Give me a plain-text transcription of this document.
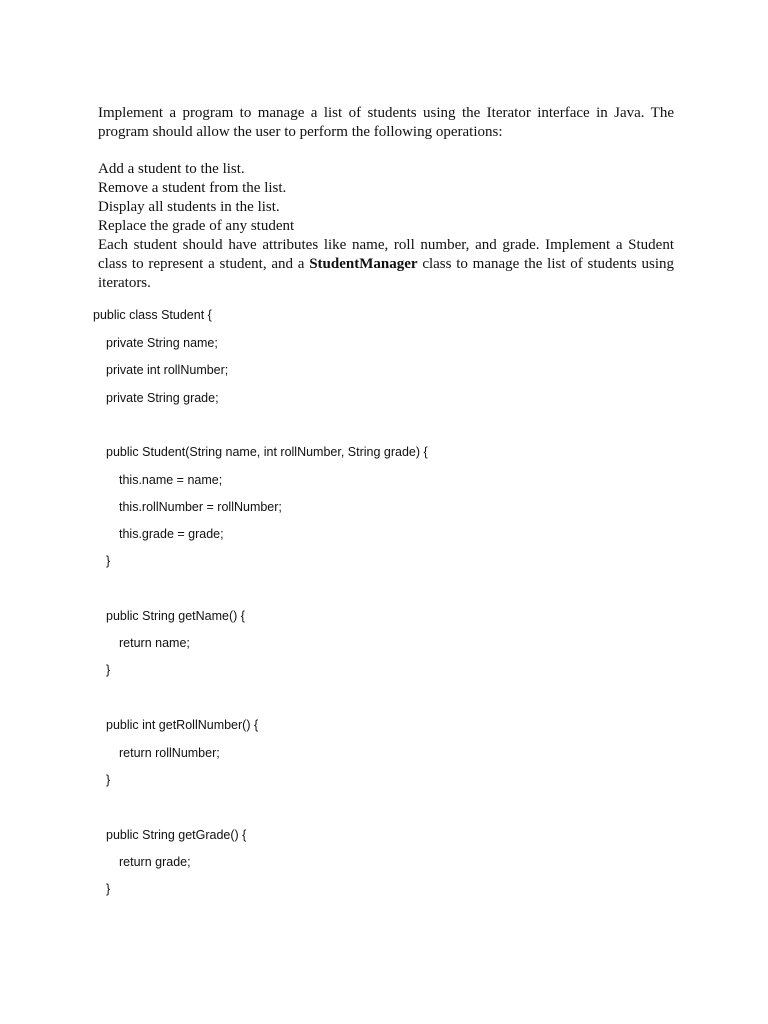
Implement a program to manage a list of students using the Iterator interface in Java. The program should allow the user to perform the following operations:

Add a student to the list.
Remove a student from the list.
Display all students in the list.
Replace the grade of any student

Each student should have attributes like name, roll number, and grade. Implement a Student class to represent a student, and a StudentManager class to manage the list of students using iterators.

public class Student {
private String name;
private int rollNumber;
private String grade;
public Student(String name, int rollNumber, String grade) {
this.name = name;
this.rollNumber = rollNumber;
this.grade = grade;
}
public String getName() {
return name;
}
public int getRollNumber() {
return rollNumber;
}
public String getGrade() {
return grade;
}
